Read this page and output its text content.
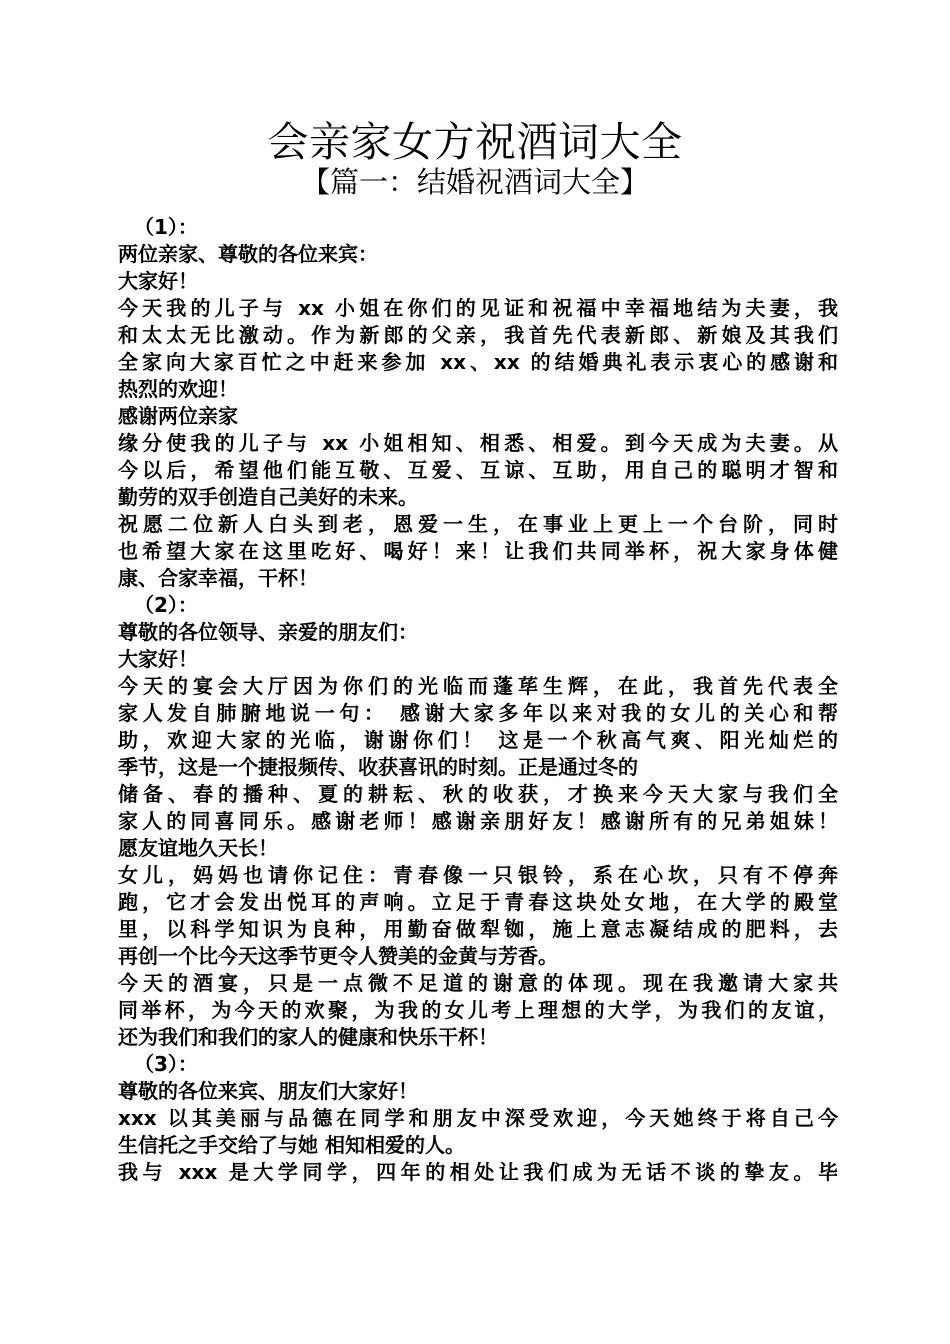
会亲家女方祝酒词大全
【篇一：结婚祝酒词大全】
（1）：
两位亲家、尊敬的各位来宾：
大家好！
今天我的儿子与 xx 小姐在你们的见证和祝福中幸福地结为夫妻，我
和太太无比激动。作为新郎的父亲，我首先代表新郎、新娘及其我们
全家向大家百忙之中赶来参加 xx、xx 的结婚典礼表示衷心的感谢和
热烈的欢迎！
感谢两位亲家
缘分使我的儿子与 xx 小姐相知、相悉、相爱。到今天成为夫妻。从
今以后，希望他们能互敬、互爱、互谅、互助，用自己的聪明才智和
勤劳的双手创造自己美好的未来。
祝愿二位新人白头到老，恩爱一生，在事业上更上一个台阶，同时
也希望大家在这里吃好、喝好！来！让我们共同举杯，祝大家身体健
康、合家幸福，干杯！
（2）：
尊敬的各位领导、亲爱的朋友们：
大家好！
今天的宴会大厅因为你们的光临而蓬荜生辉，在此，我首先代表全
家人发自肺腑地说一句： 感谢大家多年以来对我的女儿的关心和帮
助，欢迎大家的光临，谢谢你们！ 这是一个秋高气爽、阳光灿烂的
季节，这是一个捷报频传、收获喜讯的时刻。正是通过冬的
储备、春的播种、夏的耕耘、秋的收获，才换来今天大家与我们全
家人的同喜同乐。感谢老师！感谢亲朋好友！感谢所有的兄弟姐妹！
愿友谊地久天长！
女儿，妈妈也请你记住：青春像一只银铃，系在心坎，只有不停奔
跑，它才会发出悦耳的声响。立足于青春这块处女地，在大学的殿堂
里，以科学知识为良种，用勤奋做犁铷，施上意志凝结成的肥料，去
再创一个比今天这季节更令人赞美的金黄与芳香。
今天的酒宴，只是一点微不足道的谢意的体现。现在我邀请大家共
同举杯，为今天的欢聚，为我的女儿考上理想的大学，为我们的友谊，
还为我们和我们的家人的健康和快乐干杯！
（3）：
尊敬的各位来宾、朋友们大家好！
xxx 以其美丽与品德在同学和朋友中深受欢迎，今天她终于将自己今
生信托之手交给了与她 相知相爱的人。
我与 xxx 是大学同学，四年的相处让我们成为无话不谈的挚友。毕
